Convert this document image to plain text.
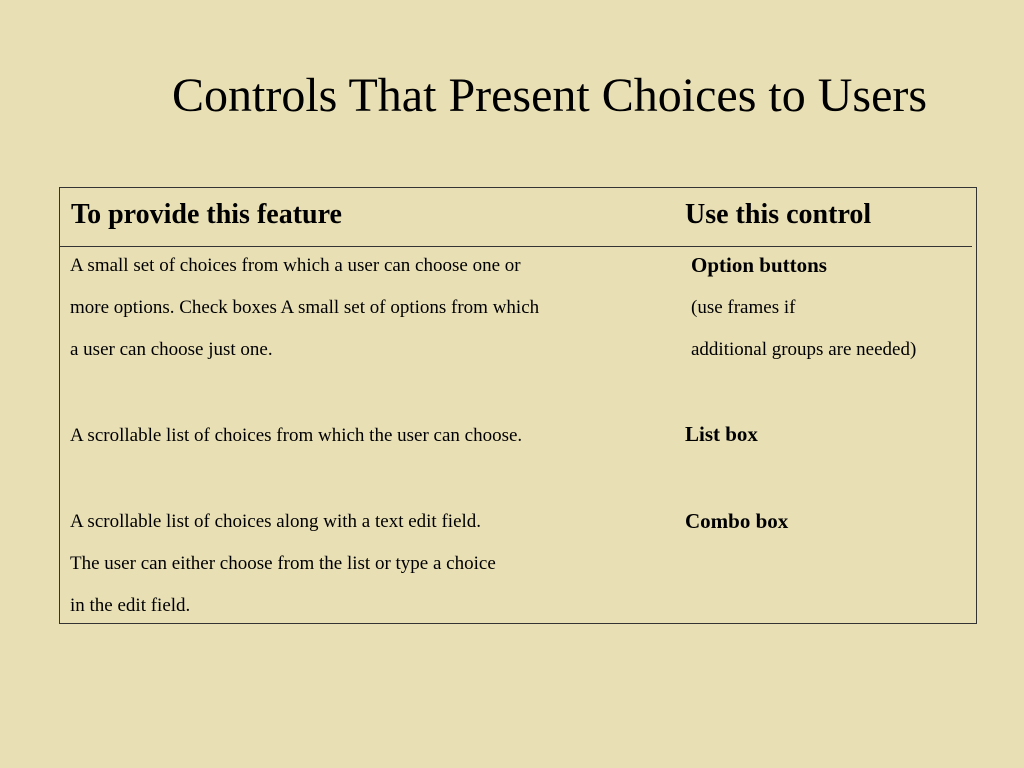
Controls That Present Choices to Users
To provide this feature	Use this control
A small set of choices from which a user can choose one or
more options. Check boxes A small set of options from which
a user can choose just one.
Option buttons
(use frames if
additional groups are needed)
A scrollable list of choices from which the user can choose.	List box
A scrollable list of choices along with a text edit field.
The user can either choose from the list or type a choice
in the edit field.
Combo box
